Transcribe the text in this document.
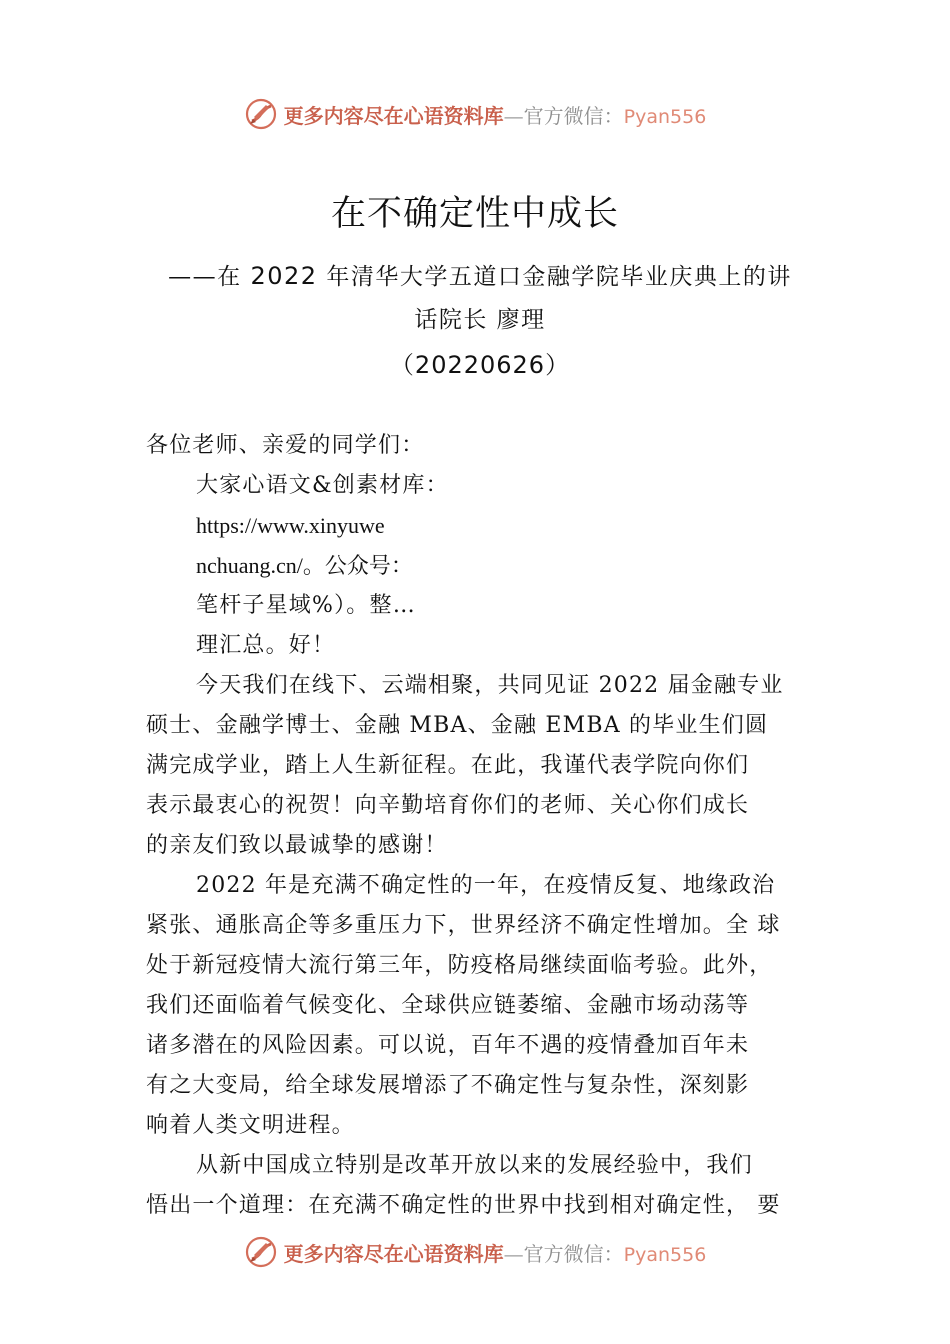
更多内容尽在心语资料库—官方微信：Pyan556
在不确定性中成长
——在 2022 年清华大学五道口金融学院毕业庆典上的讲
话院长 廖理
（20220626）
各位老师、亲爱的同学们：
大家心语文&创素材库：
https://www.xinyuwe
nchuang.cn/。公众号：
笔杆子星域%）。整…
理汇总。好！
今天我们在线下、云端相聚，共同见证 2022 届金融专业
硕士、金融学博士、金融 MBA、金融 EMBA 的毕业生们圆
满完成学业，踏上人生新征程。在此，我谨代表学院向你们
表示最衷心的祝贺！向辛勤培育你们的老师、关心你们成长
的亲友们致以最诚挚的感谢！
2022 年是充满不确定性的一年，在疫情反复、地缘政治
紧张、通胀高企等多重压力下，世界经济不确定性增加。全 球
处于新冠疫情大流行第三年，防疫格局继续面临考验。此外，
我们还面临着气候变化、全球供应链萎缩、金融市场动荡等
诸多潜在的风险因素。可以说，百年不遇的疫情叠加百年未
有之大变局，给全球发展增添了不确定性与复杂性，深刻影
响着人类文明进程。
从新中国成立特别是改革开放以来的发展经验中，我们
悟出一个道理：在充满不确定性的世界中找到相对确定性， 要
更多内容尽在心语资料库—官方微信：Pyan556
